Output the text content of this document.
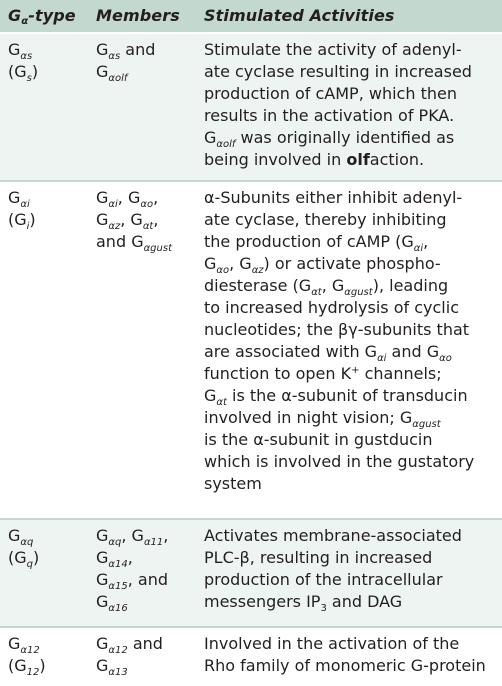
$G_\alpha$-type Members Stimulated Activities
$G_{\alpha s}$
$(G_s)$
$G_{\alpha s}$ and
$G_{\alpha olf}$
Stimulate the activity of adenyl-
ate cyclase resulting in increased
production of cAMP, which then
results in the activation of PKA.
$G_{\alpha olf}$ was originally identified as
being involved in olfaction.
$G_{\alpha i}$
$(G_i)$
$G_{\alpha i}$, $G_{\alpha o}$,
$G_{\alpha z}$, $G_{\alpha t}$,
and $G_{\alpha gust}$
α-Subunits either inhibit adenyl-
ate cyclase, thereby inhibiting
the production of cAMP ($G_{\alpha i}$,
$G_{\alpha o}$, $G_{\alpha z}$) or activate phospho-
diesterase ($G_{\alpha t}$, $G_{\alpha gust}$), leading
to increased hydrolysis of cyclic
nucleotides; the βγ-subunits that
are associated with $G_{\alpha i}$ and $G_{\alpha o}$
function to open K+ channels;
$G_{\alpha t}$ is the α-subunit of transducin
involved in night vision; $G_{\alpha gust}$
is the α-subunit in gustducin
which is involved in the gustatory
system
$G_{\alpha q}$
$(G_q)$
$G_{\alpha q}$, $G_{\alpha 11}$,
$G_{\alpha 14}$,
$G_{\alpha 15}$, and
$G_{\alpha 16}$
Activates membrane-associated
PLC-β, resulting in increased
production of the intracellular
messengers $IP_3$ and DAG
$G_{\alpha 12}$
$(G_{12})$
$G_{\alpha 12}$ and
$G_{\alpha 13}$
Involved in the activation of the
Rho family of monomeric G-protein
